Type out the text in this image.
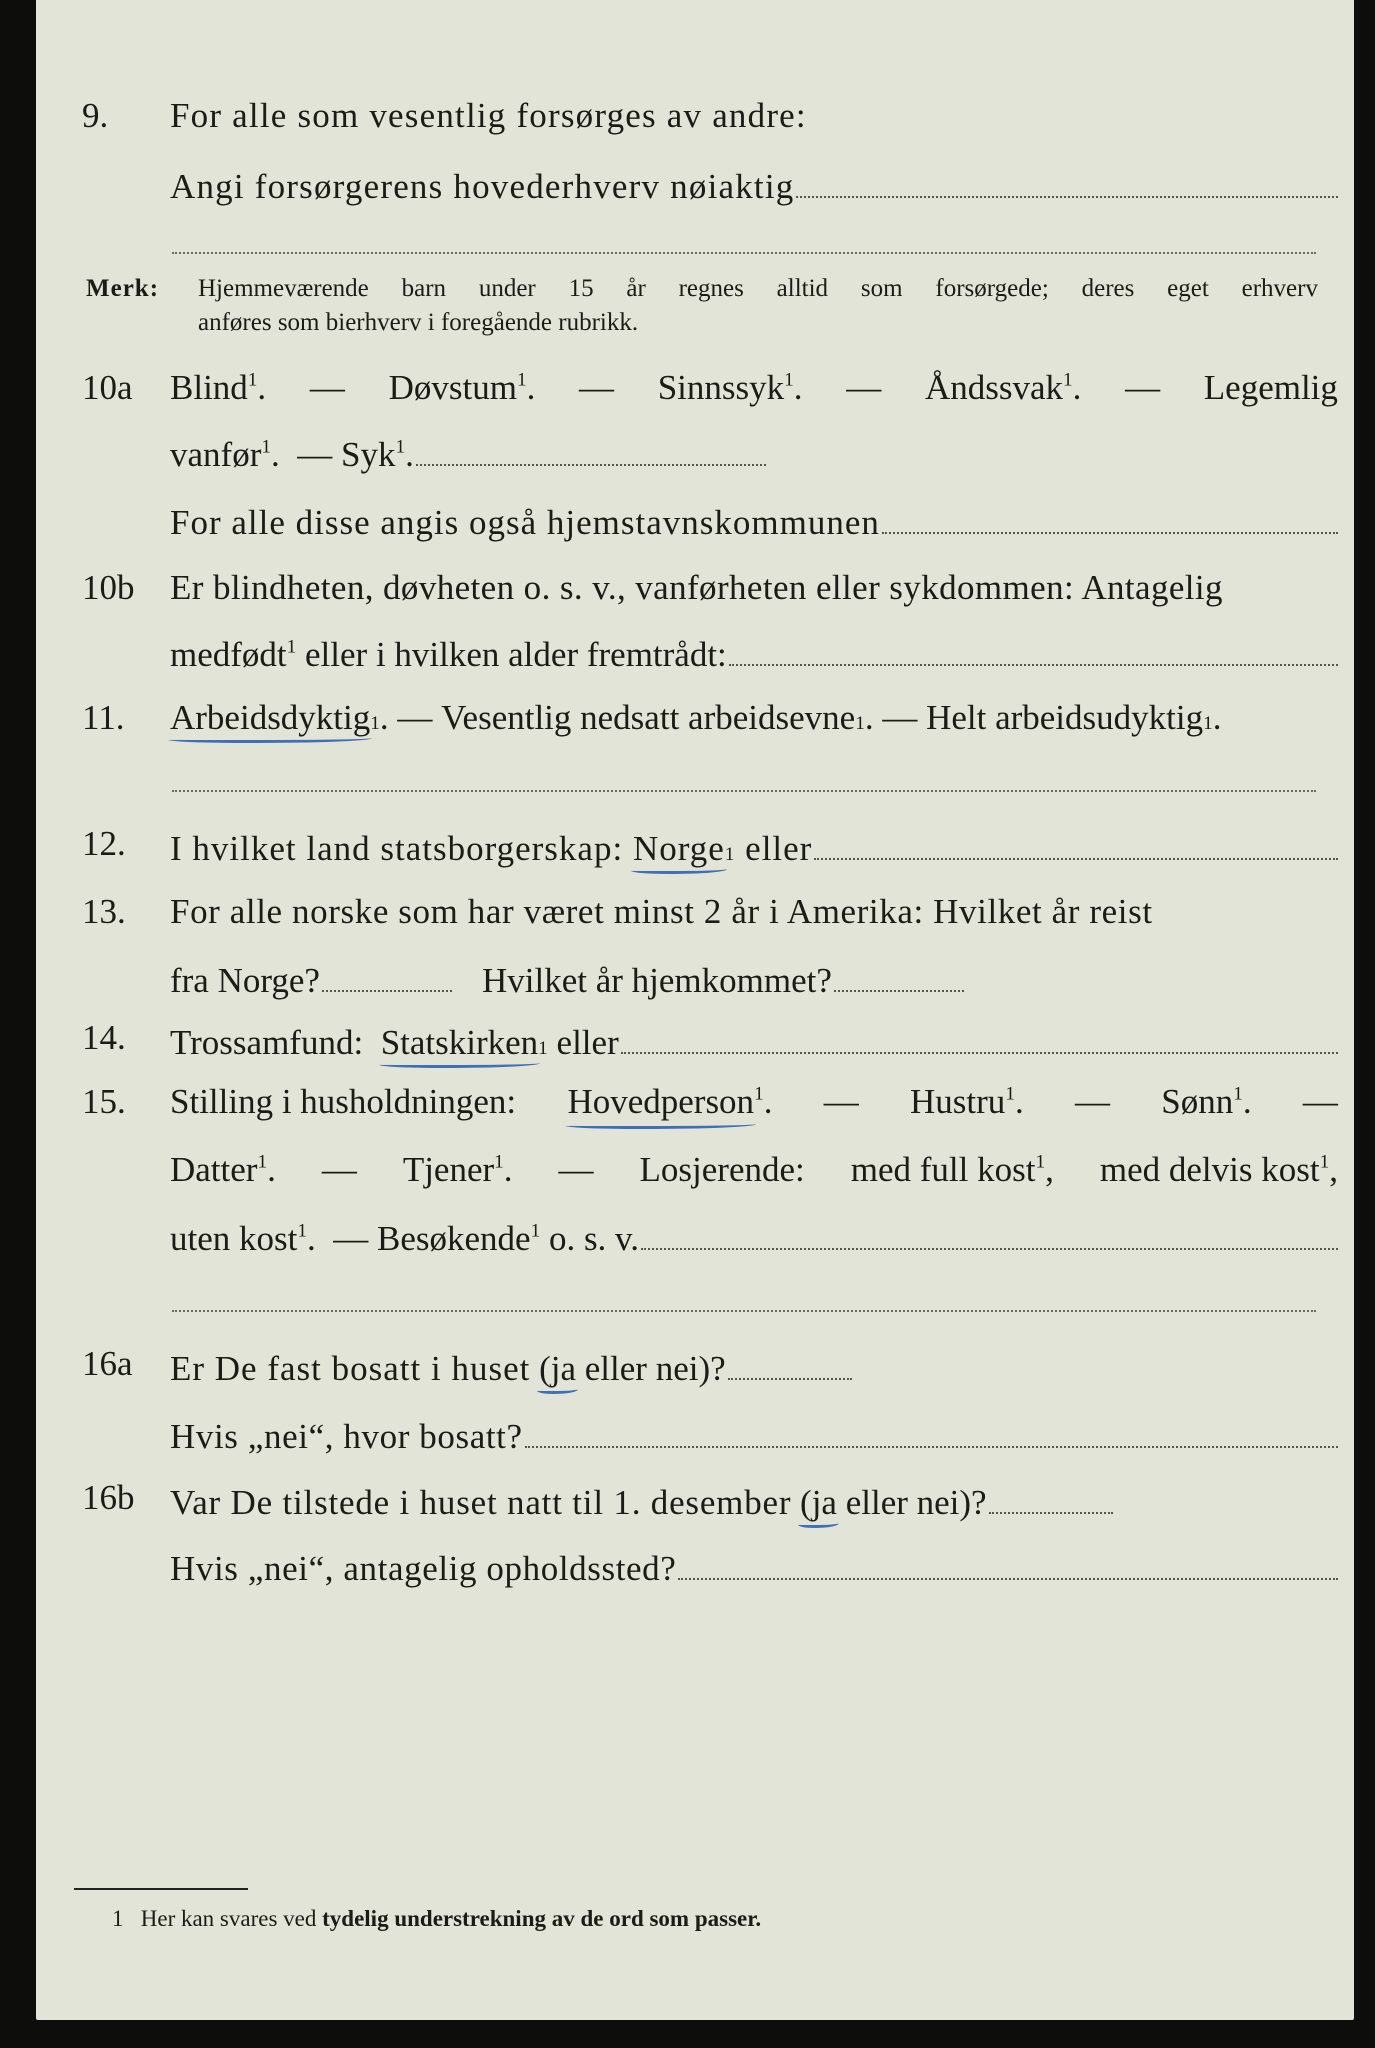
9.	For alle som vesentlig forsørges av andre:
Angi forsørgerens hovederhverv nøiaktig
Merk: Hjemmeværende barn under 15 år regnes alltid som forsørgede; deres eget erhverv
anføres som bierhverv i foregående rubrikk.
10a	Blind$^1$. — Døvstum$^1$. — Sinnssyk$^1$. — Åndssvak$^1$. — Legemlig
vanfør$^1$.  — Syk$^1$.
For alle disse angis også hjemstavnskommunen
10b	Er blindheten, døvheten o. s. v., vanførheten eller sykdommen: Antagelig
medfødt$^1$
eller i hvilken alder fremtrådt:
11.	Arbeidsdyktig 1 . —
Vesentlig nedsatt arbeidsevne 1 . —
Helt arbeidsudyktig 1 .
12.	I hvilket land statsborgerskap:
Norge 1
eller
13.	For alle norske som har været minst 2 år i Amerika: Hvilket år reist
fra Norge?	Hvilket år hjemkommet?
14.	Trossamfund:
Statskirken 1
eller
15.	Stilling i husholdningen: Hovedperson$^1$. — Hustru$^1$. — Sønn$^1$. —
Datter$^1$. — Tjener$^1$. — Losjerende: med full kost$^1$, med delvis kost$^1$,
uten kost$^1$.  — Besøkende$^1$ o. s. v.
16a	Er De fast bosatt i huset
(ja
eller nei)?
Hvis „nei“, hvor bosatt?
16b	Var De tilstede i huset natt til 1. desember
(ja
eller nei)?
Hvis „nei“, antagelig opholdssted?
1 Her kan svares ved tydelig understrekning av de ord som passer.
